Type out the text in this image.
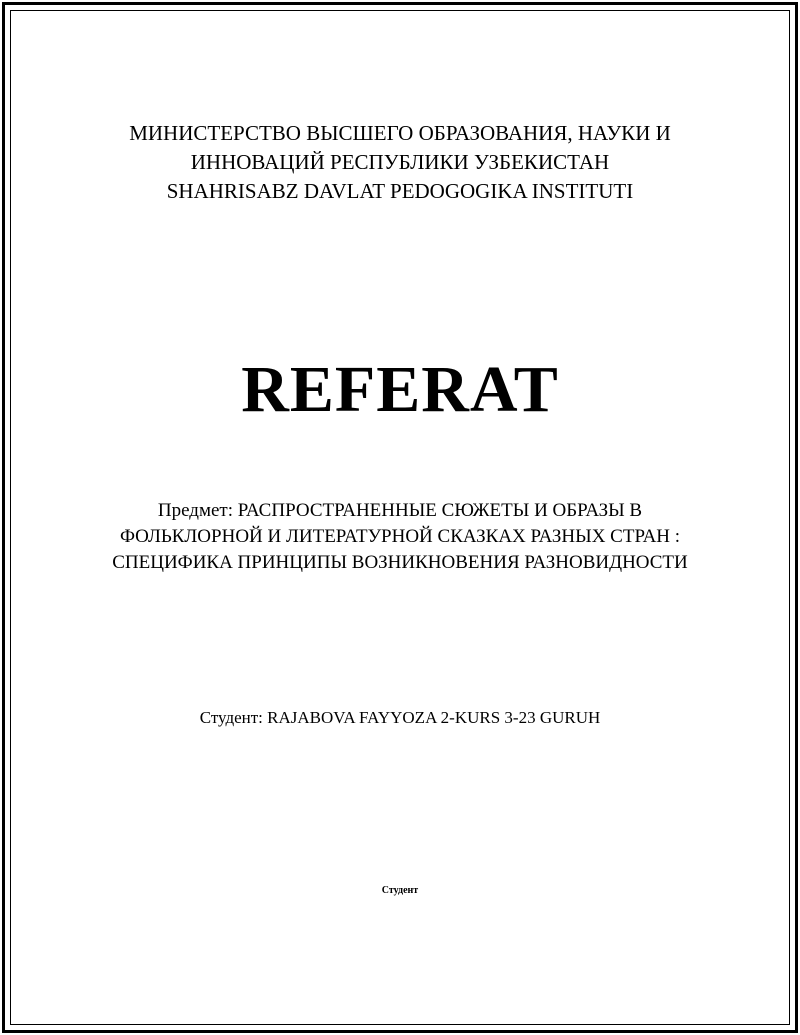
МИНИСТЕРСТВО ВЫСШЕГО ОБРАЗОВАНИЯ, НАУКИ И
ИННОВАЦИЙ РЕСПУБЛИКИ УЗБЕКИСТАН
SHAHRISABZ DAVLAT PEDOGOGIKA INSTITUTI
REFERAT
Предмет: РАСПРОСТРАНЕННЫЕ СЮЖЕТЫ И ОБРАЗЫ В
ФОЛЬКЛОРНОЙ И ЛИТЕРАТУРНОЙ СКАЗКАХ РАЗНЫХ СТРАН :
СПЕЦИФИКА ПРИНЦИПЫ ВОЗНИКНОВЕНИЯ РАЗНОВИДНОСТИ
Студент: RAJABOVA FAYYOZA 2-KURS 3-23 GURUH
Студент
